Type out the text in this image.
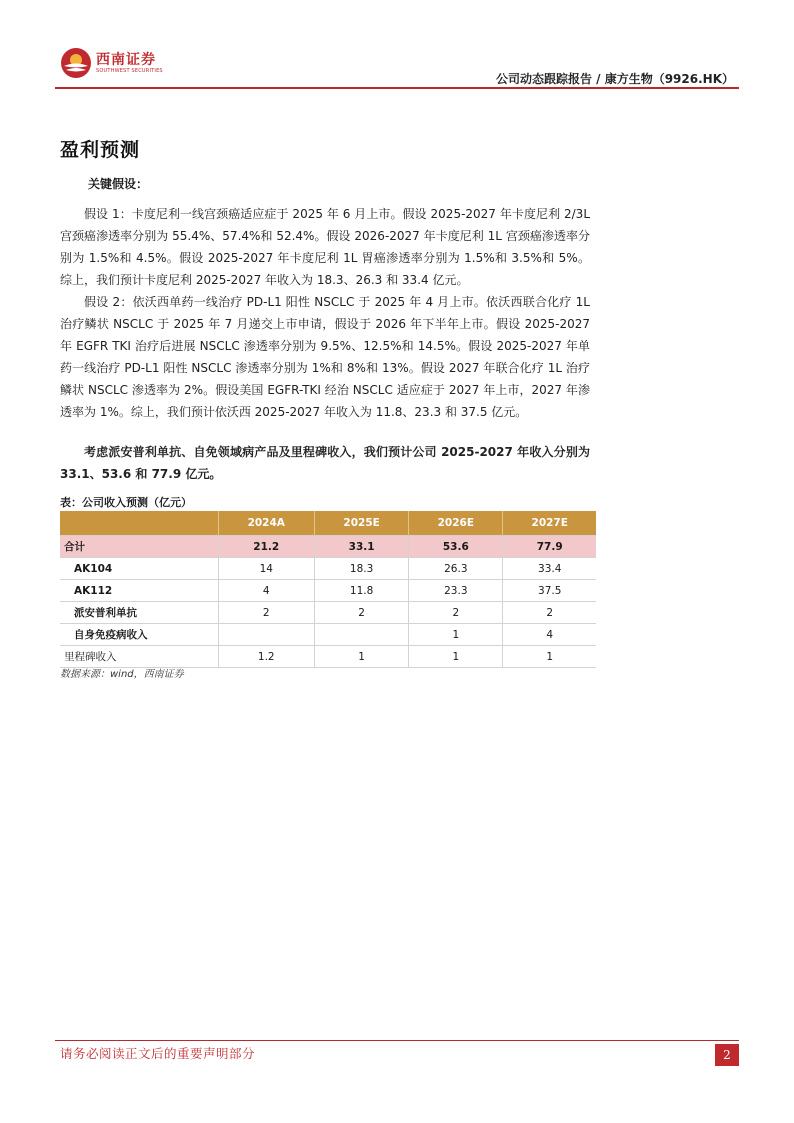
西南证券
SOUTHWEST SECURITIES
公司动态跟踪报告 / 康方生物（9926.HK）
盈利预测
关键假设：

假设 1：卡度尼利一线宫颈癌适应症于 2025 年 6 月上市。假设 2025-2027 年卡度尼利 2/3L 宫颈癌渗透率分别为 55.4%、57.4%和 52.4%。假设 2026-2027 年卡度尼利 1L 宫颈癌渗透率分别为 1.5%和 4.5%。假设 2025-2027 年卡度尼利 1L 胃癌渗透率分别为 1.5%和 3.5%和 5%。综上，我们预计卡度尼利 2025-2027 年收入为 18.3、26.3 和 33.4 亿元。

假设 2：依沃西单药一线治疗 PD-L1 阳性 NSCLC 于 2025 年 4 月上市。依沃西联合化疗 1L 治疗鳞状 NSCLC 于 2025 年 7 月递交上市申请，假设于 2026 年下半年上市。假设 2025-2027 年 EGFR TKI 治疗后进展 NSCLC 渗透率分别为 9.5%、12.5%和 14.5%。假设 2025-2027 年单药一线治疗 PD-L1 阳性 NSCLC 渗透率分别为 1%和 8%和 13%。假设 2027 年联合化疗 1L 治疗鳞状 NSCLC 渗透率为 2%。假设美国 EGFR-TKI 经治 NSCLC 适应症于 2027 年上市，2027 年渗透率为 1%。综上，我们预计依沃西 2025-2027 年收入为 11.8、23.3 和 37.5 亿元。

考虑派安普利单抗、自免领域病产品及里程碑收入，我们预计公司 2025-2027 年收入分别为 33.1、53.6 和 77.9 亿元。

表：公司收入预测（亿元）
	2024A	2025E	2026E	2027E
合计	21.2	33.1	53.6	77.9
AK104	14	18.3	26.3	33.4
AK112	4	11.8	23.3	37.5
派安普利单抗	2	2	2	2
自身免疫病收入			1	4
里程碑收入	1.2	1	1	1
数据来源：wind，西南证券
请务必阅读正文后的重要声明部分	2
